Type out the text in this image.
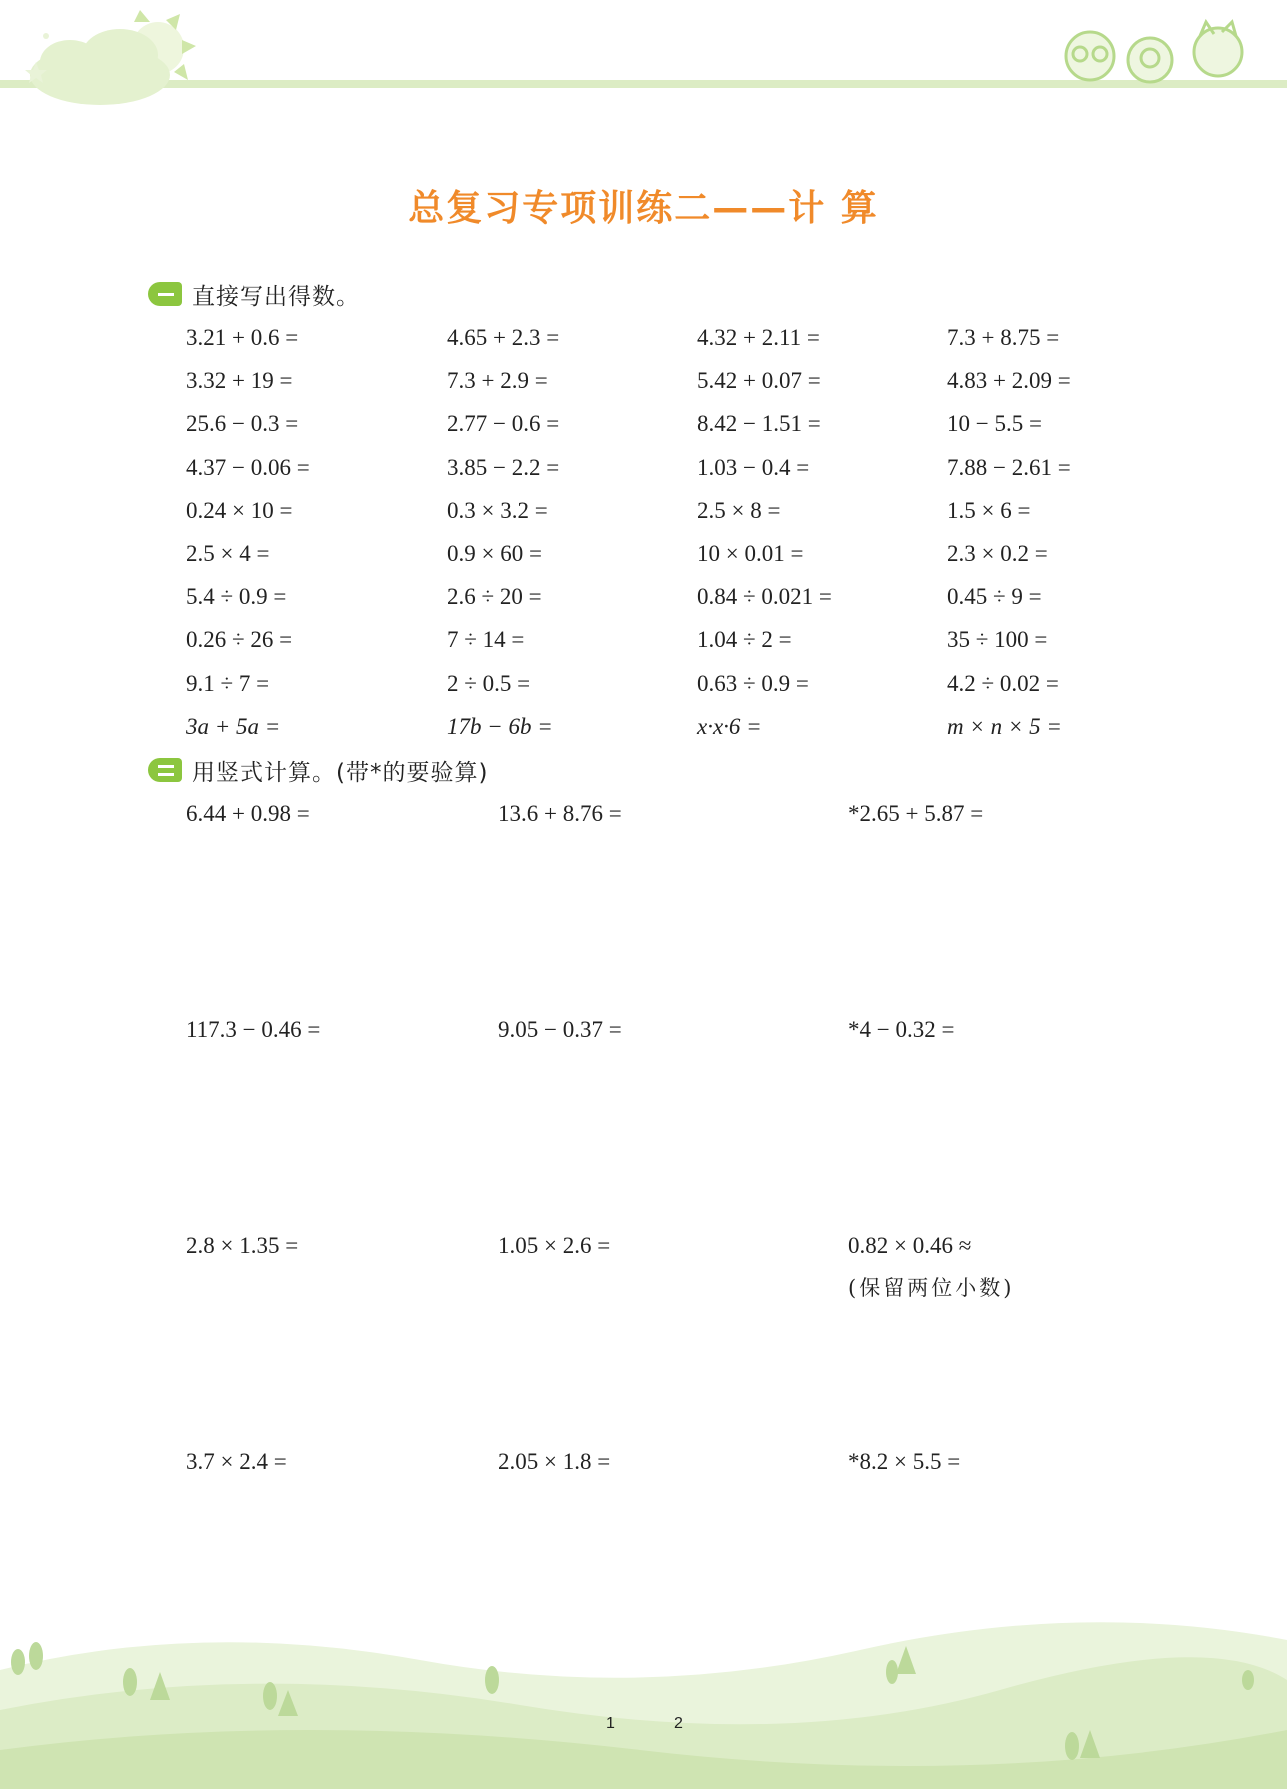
总复习专项训练二——计 算
直接写出得数。
3.21 + 0.6 =	4.65 + 2.3 =	4.32 + 2.11 =	7.3 + 8.75 =
3.32 + 19 =	7.3 + 2.9 =	5.42 + 0.07 =	4.83 + 2.09 =
25.6 − 0.3 =	2.77 − 0.6 =	8.42 − 1.51 =	10 − 5.5 =
4.37 − 0.06 =	3.85 − 2.2 =	1.03 − 0.4 =	7.88 − 2.61 =
0.24 × 10 =	0.3 × 3.2 =	2.5 × 8 =	1.5 × 6 =
2.5 × 4 =	0.9 × 60 =	10 × 0.01 =	2.3 × 0.2 =
5.4 ÷ 0.9 =	2.6 ÷ 20 =	0.84 ÷ 0.021 =	0.45 ÷ 9 =
0.26 ÷ 26 =	7 ÷ 14 =	1.04 ÷ 2 =	35 ÷ 100 =
9.1 ÷ 7 =	2 ÷ 0.5 =	0.63 ÷ 0.9 =	4.2 ÷ 0.02 =
3a + 5a =	17b − 6b =	x·x·6 =	m × n × 5 =
用竖式计算。(带*的要验算)
6.44 + 0.98 =	13.6 + 8.76 =	*2.65 + 5.87 =
117.3 − 0.46 =	9.05 − 0.37 =	*4 − 0.32 =
2.8 × 1.35 =	1.05 × 2.6 =	0.82 × 0.46 ≈
(保留两位小数)
3.7 × 2.4 =	2.05 × 1.8 =	*8.2 × 5.5 =
1	2
